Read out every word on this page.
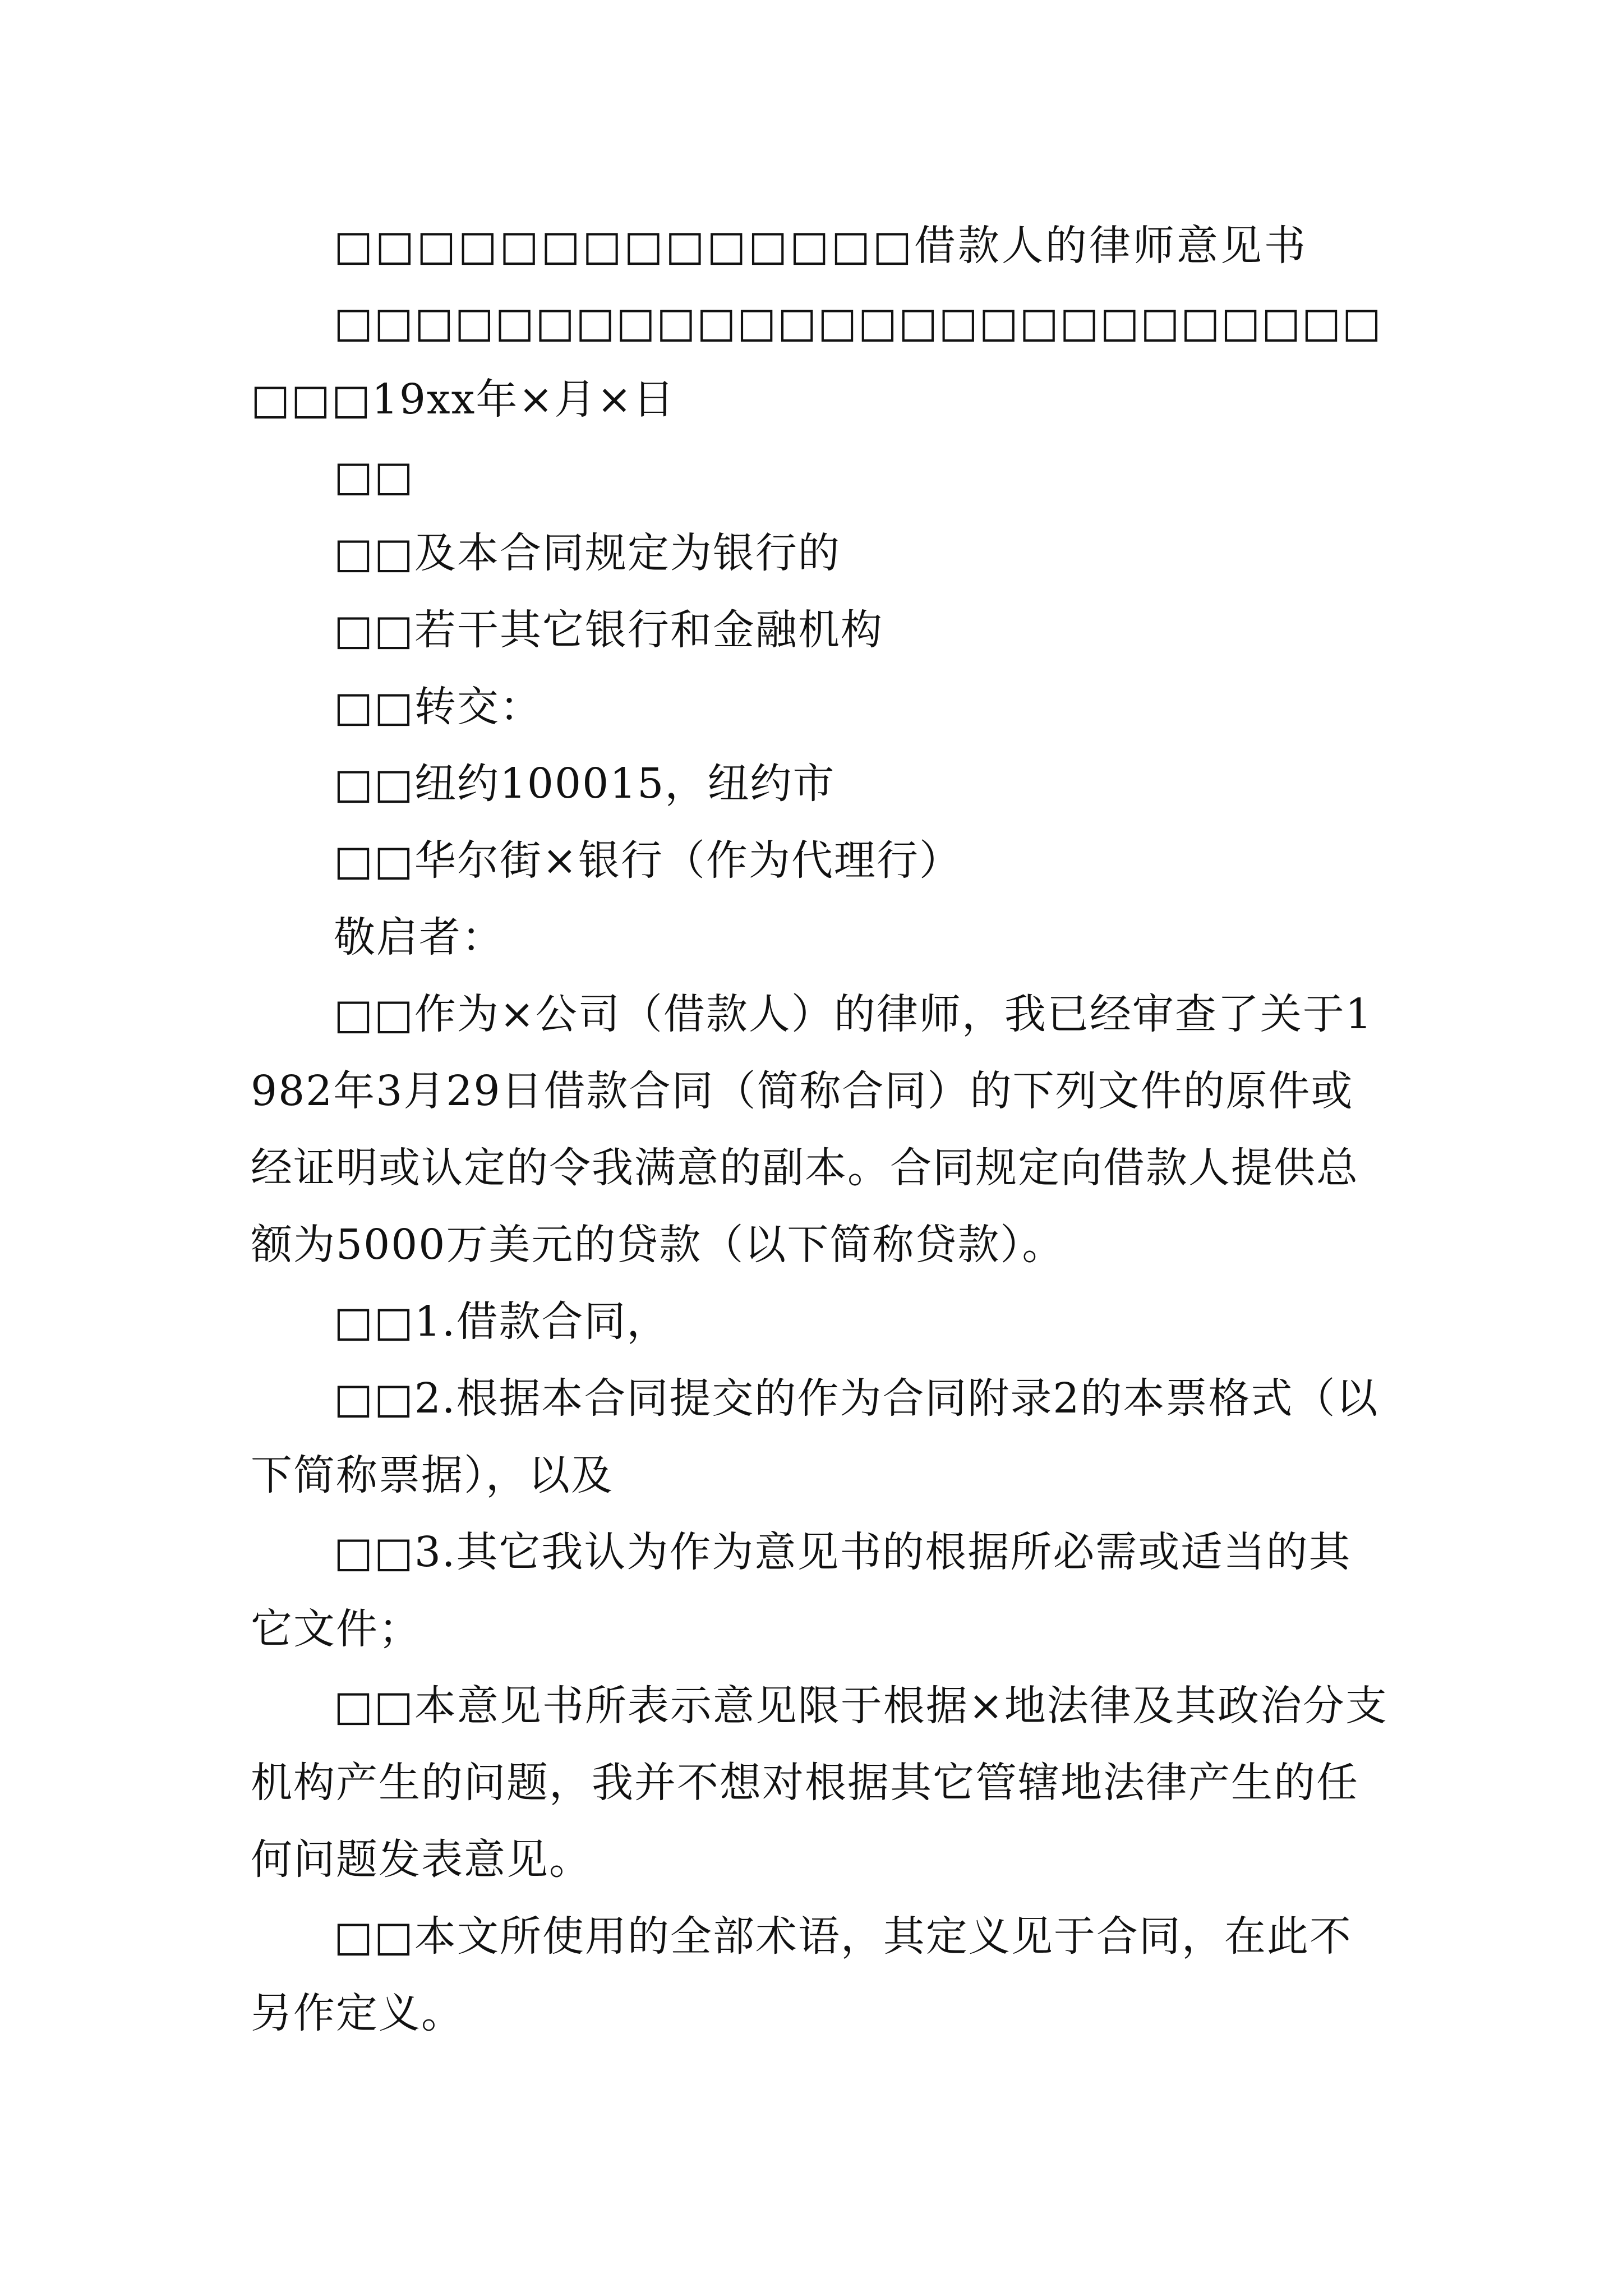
□□□□□□□□□□□□□□借款人的律师意见书

□□□□□□□□□□□□□□□□□□□□□□□□□□□□□19xx年×月×日

□□

□□及本合同规定为银行的

□□若干其它银行和金融机构

□□转交：

□□纽约100015，纽约市

□□华尔街×银行（作为代理行）

敬启者：

□□作为×公司（借款人）的律师，我已经审查了关于1982年3月29日借款合同（简称合同）的下列文件的原件或经证明或认定的令我满意的副本。合同规定向借款人提供总额为5000万美元的贷款（以下简称贷款）。

□□1.借款合同，

□□2.根据本合同提交的作为合同附录2的本票格式（以下简称票据），以及

□□3.其它我认为作为意见书的根据所必需或适当的其它文件；

□□本意见书所表示意见限于根据×地法律及其政治分支机构产生的问题，我并不想对根据其它管辖地法律产生的任何问题发表意见。

□□本文所使用的全部术语，其定义见于合同，在此不另作定义。
